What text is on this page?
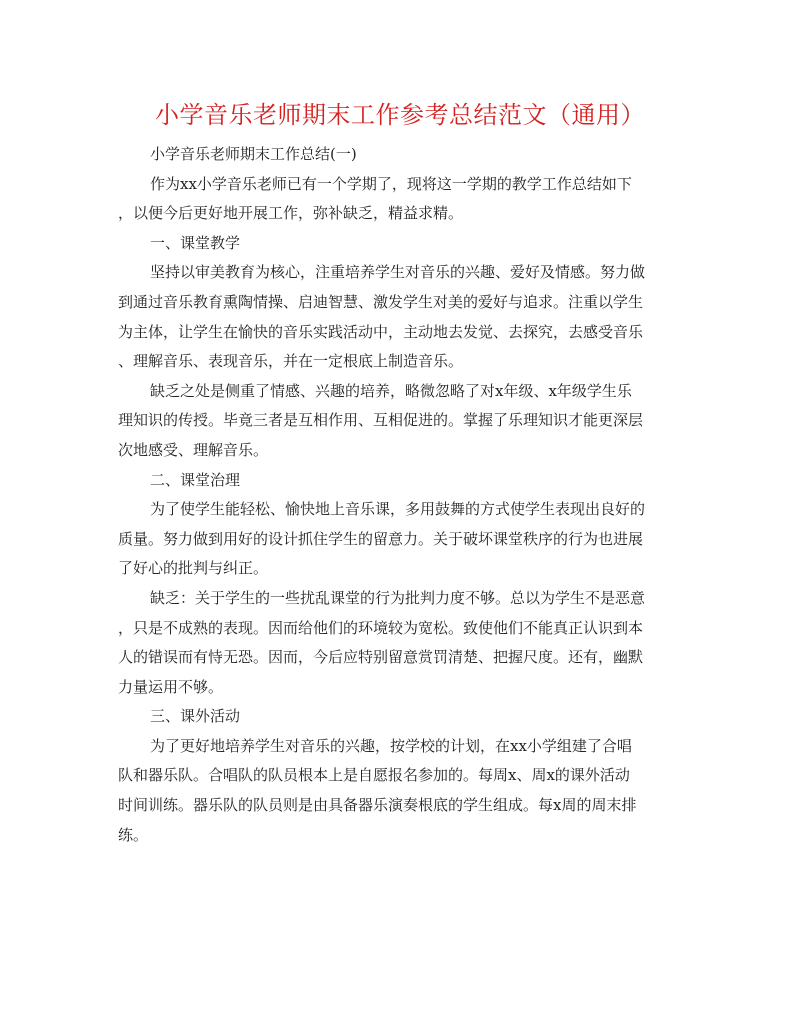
小学音乐老师期末工作参考总结范文（通用）
小学音乐老师期末工作总结(一)
作为xx小学音乐老师已有一个学期了，现将这一学期的教学工作总结如下
，以便今后更好地开展工作，弥补缺乏，精益求精。
一、课堂教学
坚持以审美教育为核心，注重培养学生对音乐的兴趣、爱好及情感。努力做
到通过音乐教育熏陶情操、启迪智慧、激发学生对美的爱好与追求。注重以学生
为主体，让学生在愉快的音乐实践活动中，主动地去发觉、去探究，去感受音乐
、理解音乐、表现音乐，并在一定根底上制造音乐。
缺乏之处是侧重了情感、兴趣的培养，略微忽略了对x年级、x年级学生乐
理知识的传授。毕竟三者是互相作用、互相促进的。掌握了乐理知识才能更深层
次地感受、理解音乐。
二、课堂治理
为了使学生能轻松、愉快地上音乐课，多用鼓舞的方式使学生表现出良好的
质量。努力做到用好的设计抓住学生的留意力。关于破坏课堂秩序的行为也进展
了好心的批判与纠正。
缺乏：关于学生的一些扰乱课堂的行为批判力度不够。总以为学生不是恶意
，只是不成熟的表现。因而给他们的环境较为宽松。致使他们不能真正认识到本
人的错误而有恃无恐。因而，今后应特别留意赏罚清楚、把握尺度。还有，幽默
力量运用不够。
三、课外活动
为了更好地培养学生对音乐的兴趣，按学校的计划，在xx小学组建了合唱
队和器乐队。合唱队的队员根本上是自愿报名参加的。每周x、周x的课外活动
时间训练。器乐队的队员则是由具备器乐演奏根底的学生组成。每x周的周末排
练。
